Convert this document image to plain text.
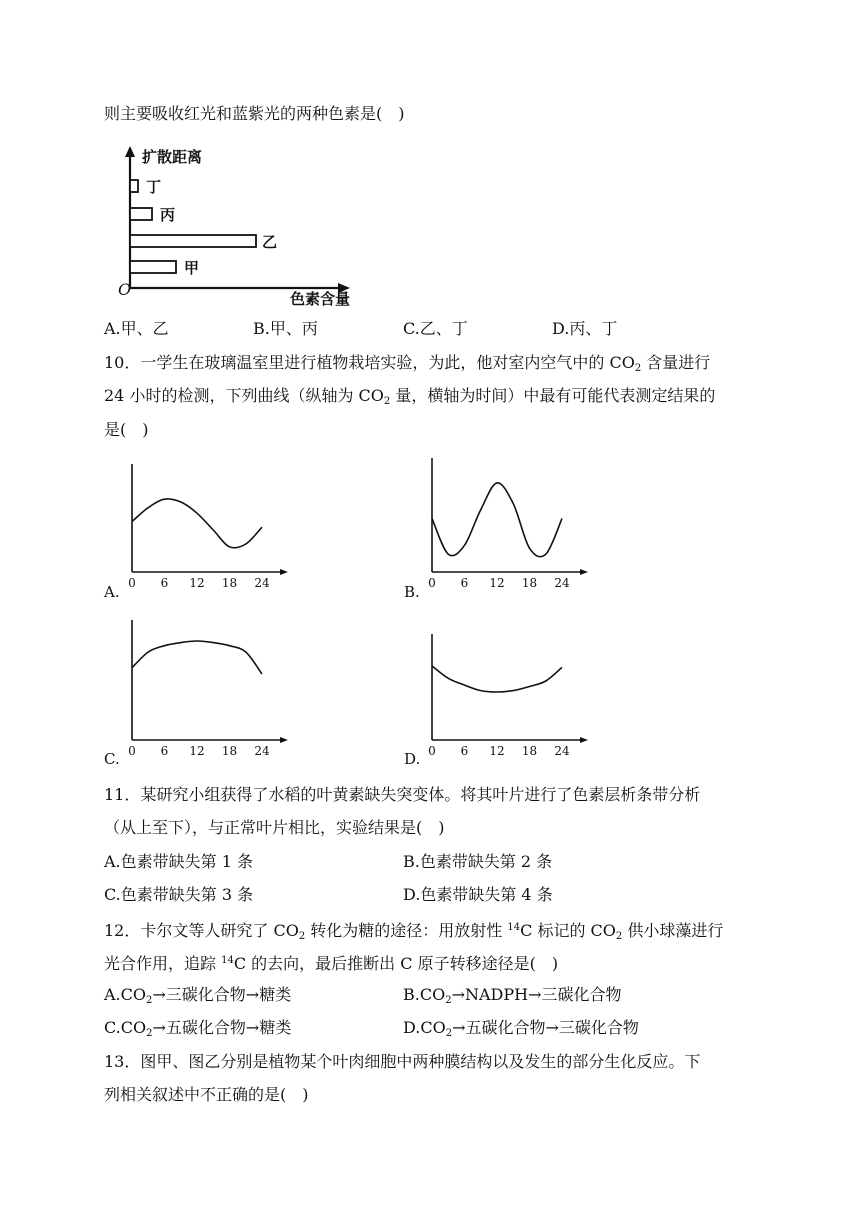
则主要吸收红光和蓝紫光的两种色素是(　)
扩散距离
色素含量
O
丁
丙
乙
甲
A.甲、乙	B.甲、丙	C.乙、丁	D.丙、丁
10．一学生在玻璃温室里进行植物栽培实验，为此，他对室内空气中的 $CO_2$ 含量进行
24 小时的检测，下列曲线（纵轴为 $CO_2$ 量，横轴为时间）中最有可能代表测定结果的
是(　)
0 6 12 18 24	0 6 12 18 24
0 6 12 18 24	0 6 12 18 24
A.	B.
C.	D.
11．某研究小组获得了水稻的叶黄素缺失突变体。将其叶片进行了色素层析条带分析
（从上至下），与正常叶片相比，实验结果是(　)
A.色素带缺失第 1 条	B.色素带缺失第 2 条
C.色素带缺失第 3 条	D.色素带缺失第 4 条
12．卡尔文等人研究了 $CO_2$ 转化为糖的途径：用放射性 $^{14}$C 标记的 $CO_2$ 供小球藻进行
光合作用，追踪 $^{14}$C 的去向，最后推断出 C 原子转移途径是(　)
$A.CO_2\to$三碳化合物→糖类	$B.CO_2\to NADPH\to$三碳化合物
$C.CO_2\to$五碳化合物→糖类	$D.CO_2\to$五碳化合物→三碳化合物
13．图甲、图乙分别是植物某个叶肉细胞中两种膜结构以及发生的部分生化反应。下
列相关叙述中不正确的是(　)
